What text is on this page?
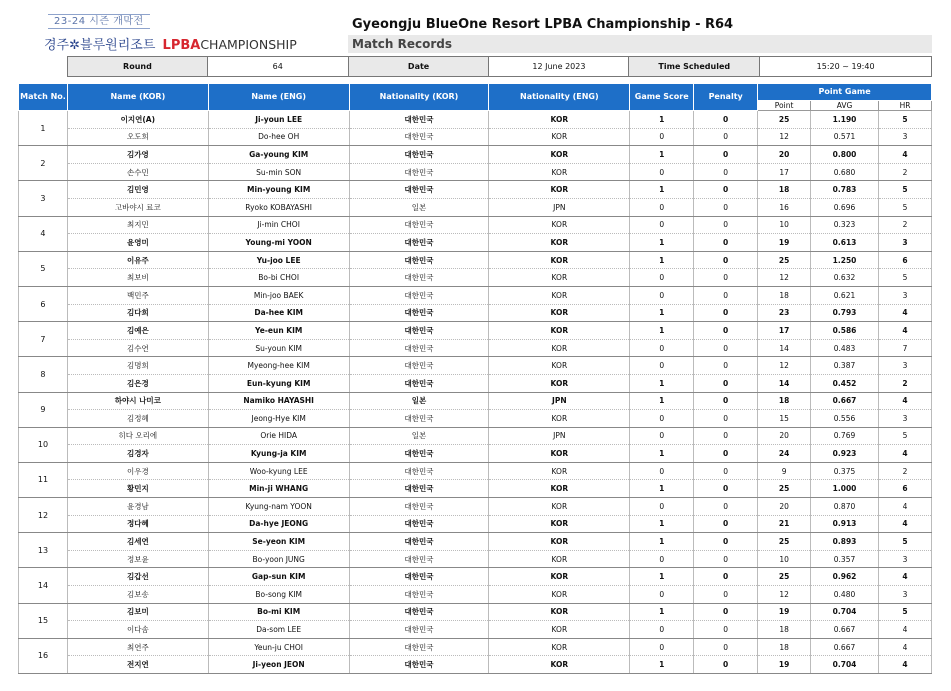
23-24 시즌 개막전
경주✲블루원리조트 LPBACHAMPIONSHIP
Gyeongju BlueOne Resort LPBA Championship - R64
Match Records
Round	64	Date	12 June 2023	Time Scheduled	15:20 ~ 19:40
Match No.	Name (KOR)	Name (ENG)	Nationality (KOR)	Nationality (ENG)	Game Score	Penalty	Point Game		
							Point	AVG	HR
1	이지연(A)	Ji-youn LEE	대한민국	KOR	1	0	25	1.190	5
	오도희	Do-hee OH	대한민국	KOR	0	0	12	0.571	3
2	김가영	Ga-young KIM	대한민국	KOR	1	0	20	0.800	4
	손수민	Su-min SON	대한민국	KOR	0	0	17	0.680	2
3	김민영	Min-young KIM	대한민국	KOR	1	0	18	0.783	5
	고바야시 료코	Ryoko KOBAYASHI	일본	JPN	0	0	16	0.696	5
4	최지민	Ji-min CHOI	대한민국	KOR	0	0	10	0.323	2
	윤영미	Young-mi YOON	대한민국	KOR	1	0	19	0.613	3
5	이유주	Yu-joo LEE	대한민국	KOR	1	0	25	1.250	6
	최보비	Bo-bi CHOI	대한민국	KOR	0	0	12	0.632	5
6	백민주	Min-joo BAEK	대한민국	KOR	0	0	18	0.621	3
	김다희	Da-hee KIM	대한민국	KOR	1	0	23	0.793	4
7	김예은	Ye-eun KIM	대한민국	KOR	1	0	17	0.586	4
	김수연	Su-youn KIM	대한민국	KOR	0	0	14	0.483	7
8	김명희	Myeong-hee KIM	대한민국	KOR	0	0	12	0.387	3
	김은경	Eun-kyung KIM	대한민국	KOR	1	0	14	0.452	2
9	하야시 나미코	Namiko HAYASHI	일본	JPN	1	0	18	0.667	4
	김정혜	Jeong-Hye KIM	대한민국	KOR	0	0	15	0.556	3
10	히다 오리에	Orie HIDA	일본	JPN	0	0	20	0.769	5
	김경자	Kyung-ja KIM	대한민국	KOR	1	0	24	0.923	4
11	이우경	Woo-kyung LEE	대한민국	KOR	0	0	9	0.375	2
	황민지	Min-ji WHANG	대한민국	KOR	1	0	25	1.000	6
12	윤경남	Kyung-nam YOON	대한민국	KOR	0	0	20	0.870	4
	정다혜	Da-hye JEONG	대한민국	KOR	1	0	21	0.913	4
13	김세연	Se-yeon KIM	대한민국	KOR	1	0	25	0.893	5
	정보윤	Bo-yoon JUNG	대한민국	KOR	0	0	10	0.357	3
14	김갑선	Gap-sun KIM	대한민국	KOR	1	0	25	0.962	4
	김보송	Bo-song KIM	대한민국	KOR	0	0	12	0.480	3
15	김보미	Bo-mi KIM	대한민국	KOR	1	0	19	0.704	5
	이다솜	Da-som LEE	대한민국	KOR	0	0	18	0.667	4
16	최연주	Yeun-ju CHOI	대한민국	KOR	0	0	18	0.667	4
	전지연	Ji-yeon JEON	대한민국	KOR	1	0	19	0.704	4
